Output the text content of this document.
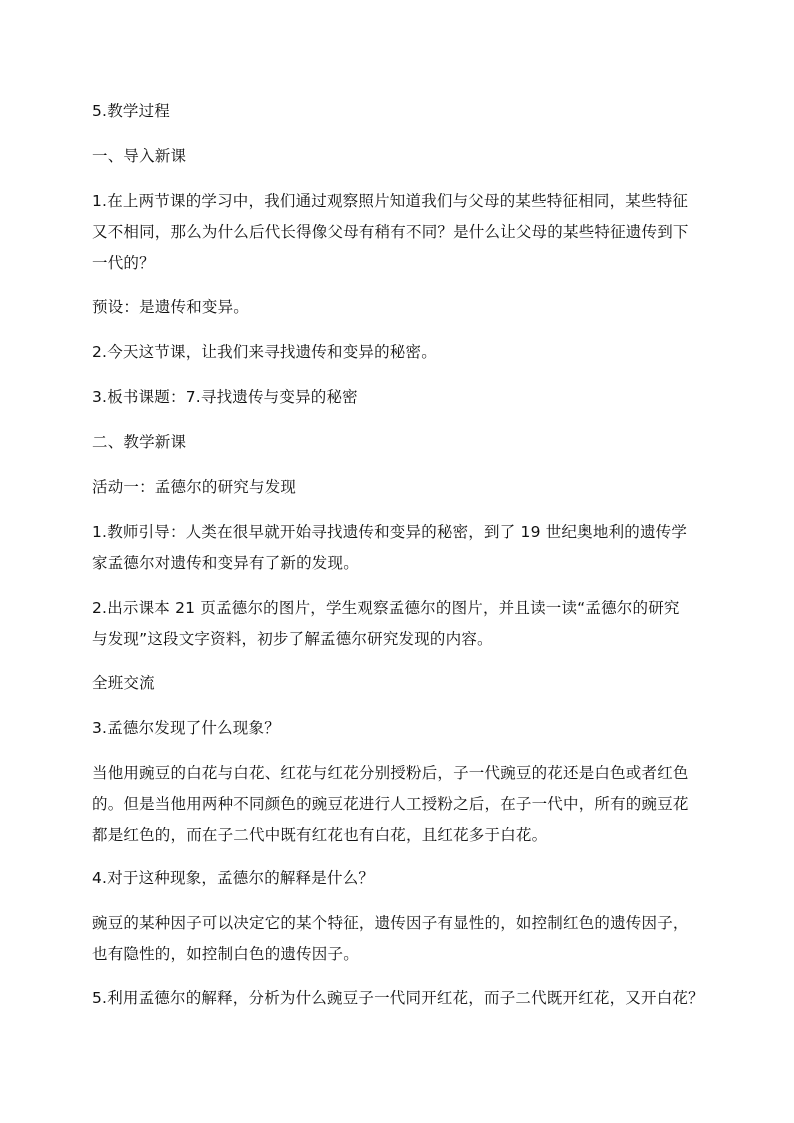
5.教学过程
一、导入新课
1.在上两节课的学习中，我们通过观察照片知道我们与父母的某些特征相同，某些特征
又不相同，那么为什么后代长得像父母有稍有不同？是什么让父母的某些特征遗传到下
一代的？
预设：是遗传和变异。
2.今天这节课，让我们来寻找遗传和变异的秘密。
3.板书课题：7.寻找遗传与变异的秘密
二、教学新课
活动一：孟德尔的研究与发现
1.教师引导：人类在很早就开始寻找遗传和变异的秘密，到了 19 世纪奥地利的遗传学
家孟德尔对遗传和变异有了新的发现。
2.出示课本 21 页孟德尔的图片，学生观察孟德尔的图片，并且读一读“孟德尔的研究
与发现”这段文字资料，初步了解孟德尔研究发现的内容。
全班交流
3.孟德尔发现了什么现象？
当他用豌豆的白花与白花、红花与红花分别授粉后，子一代豌豆的花还是白色或者红色
的。但是当他用两种不同颜色的豌豆花进行人工授粉之后，在子一代中，所有的豌豆花
都是红色的，而在子二代中既有红花也有白花，且红花多于白花。
4.对于这种现象，孟德尔的解释是什么？
豌豆的某种因子可以决定它的某个特征，遗传因子有显性的，如控制红色的遗传因子，
也有隐性的，如控制白色的遗传因子。
5.利用孟德尔的解释，分析为什么豌豆子一代同开红花，而子二代既开红花，又开白花？
